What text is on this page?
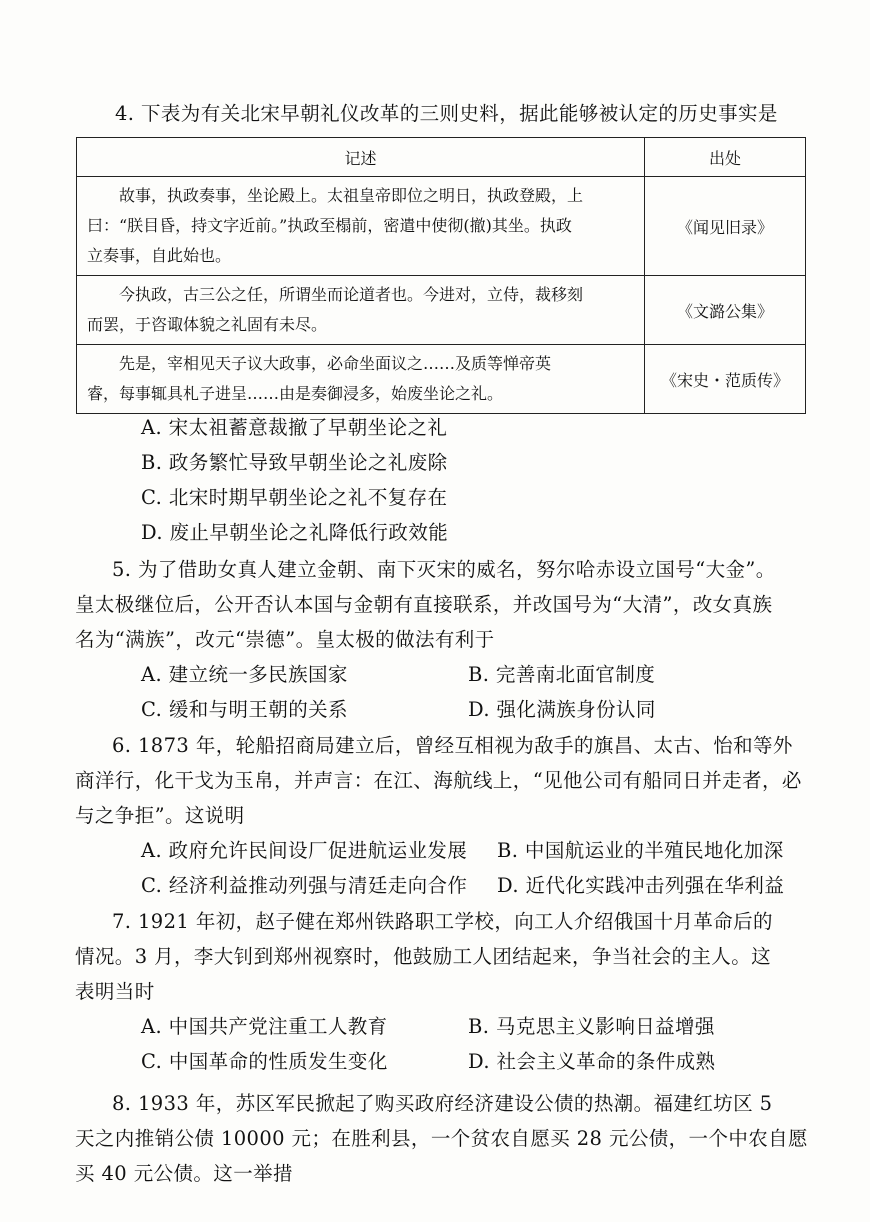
4. 下表为有关北宋早朝礼仪改革的三则史料，据此能够被认定的历史事实是
记述	出处

故事，执政奏事，坐论殿上。太祖皇帝即位之明日，执政登殿，上
曰：“朕目昏，持文字近前。”执政至榻前，密遣中使彻(撤)其坐。执政
立奏事，自此始也。	《闻见旧录》

今执政，古三公之任，所谓坐而论道者也。今进对，立侍，裁移刻
而罢，于咨诹体貌之礼固有未尽。	《文潞公集》

先是，宰相见天子议大政事，必命坐面议之……及质等惮帝英
睿，每事辄具札子进呈……由是奏御浸多，始废坐论之礼。	《宋史・范质传》
A. 宋太祖蓄意裁撤了早朝坐论之礼
B. 政务繁忙导致早朝坐论之礼废除
C. 北宋时期早朝坐论之礼不复存在
D. 废止早朝坐论之礼降低行政效能
5. 为了借助女真人建立金朝、南下灭宋的威名，努尔哈赤设立国号“大金”。
皇太极继位后，公开否认本国与金朝有直接联系，并改国号为“大清”，改女真族
名为“满族”，改元“崇德”。皇太极的做法有利于
A. 建立统一多民族国家	B. 完善南北面官制度
C. 缓和与明王朝的关系	D. 强化满族身份认同
6. 1873 年，轮船招商局建立后，曾经互相视为敌手的旗昌、太古、怡和等外
商洋行，化干戈为玉帛，并声言：在江、海航线上，“见他公司有船同日并走者，必
与之争拒”。这说明
A. 政府允许民间设厂促进航运业发展 B. 中国航运业的半殖民地化加深
C. 经济利益推动列强与清廷走向合作 D. 近代化实践冲击列强在华利益
7. 1921 年初，赵子健在郑州铁路职工学校，向工人介绍俄国十月革命后的
情况。3 月，李大钊到郑州视察时，他鼓励工人团结起来，争当社会的主人。这
表明当时
A. 中国共产党注重工人教育	B. 马克思主义影响日益增强
C. 中国革命的性质发生变化	D. 社会主义革命的条件成熟
8. 1933 年，苏区军民掀起了购买政府经济建设公债的热潮。福建红坊区 5
天之内推销公债 10000 元；在胜利县，一个贫农自愿买 28 元公债，一个中农自愿
买 40 元公债。这一举措
